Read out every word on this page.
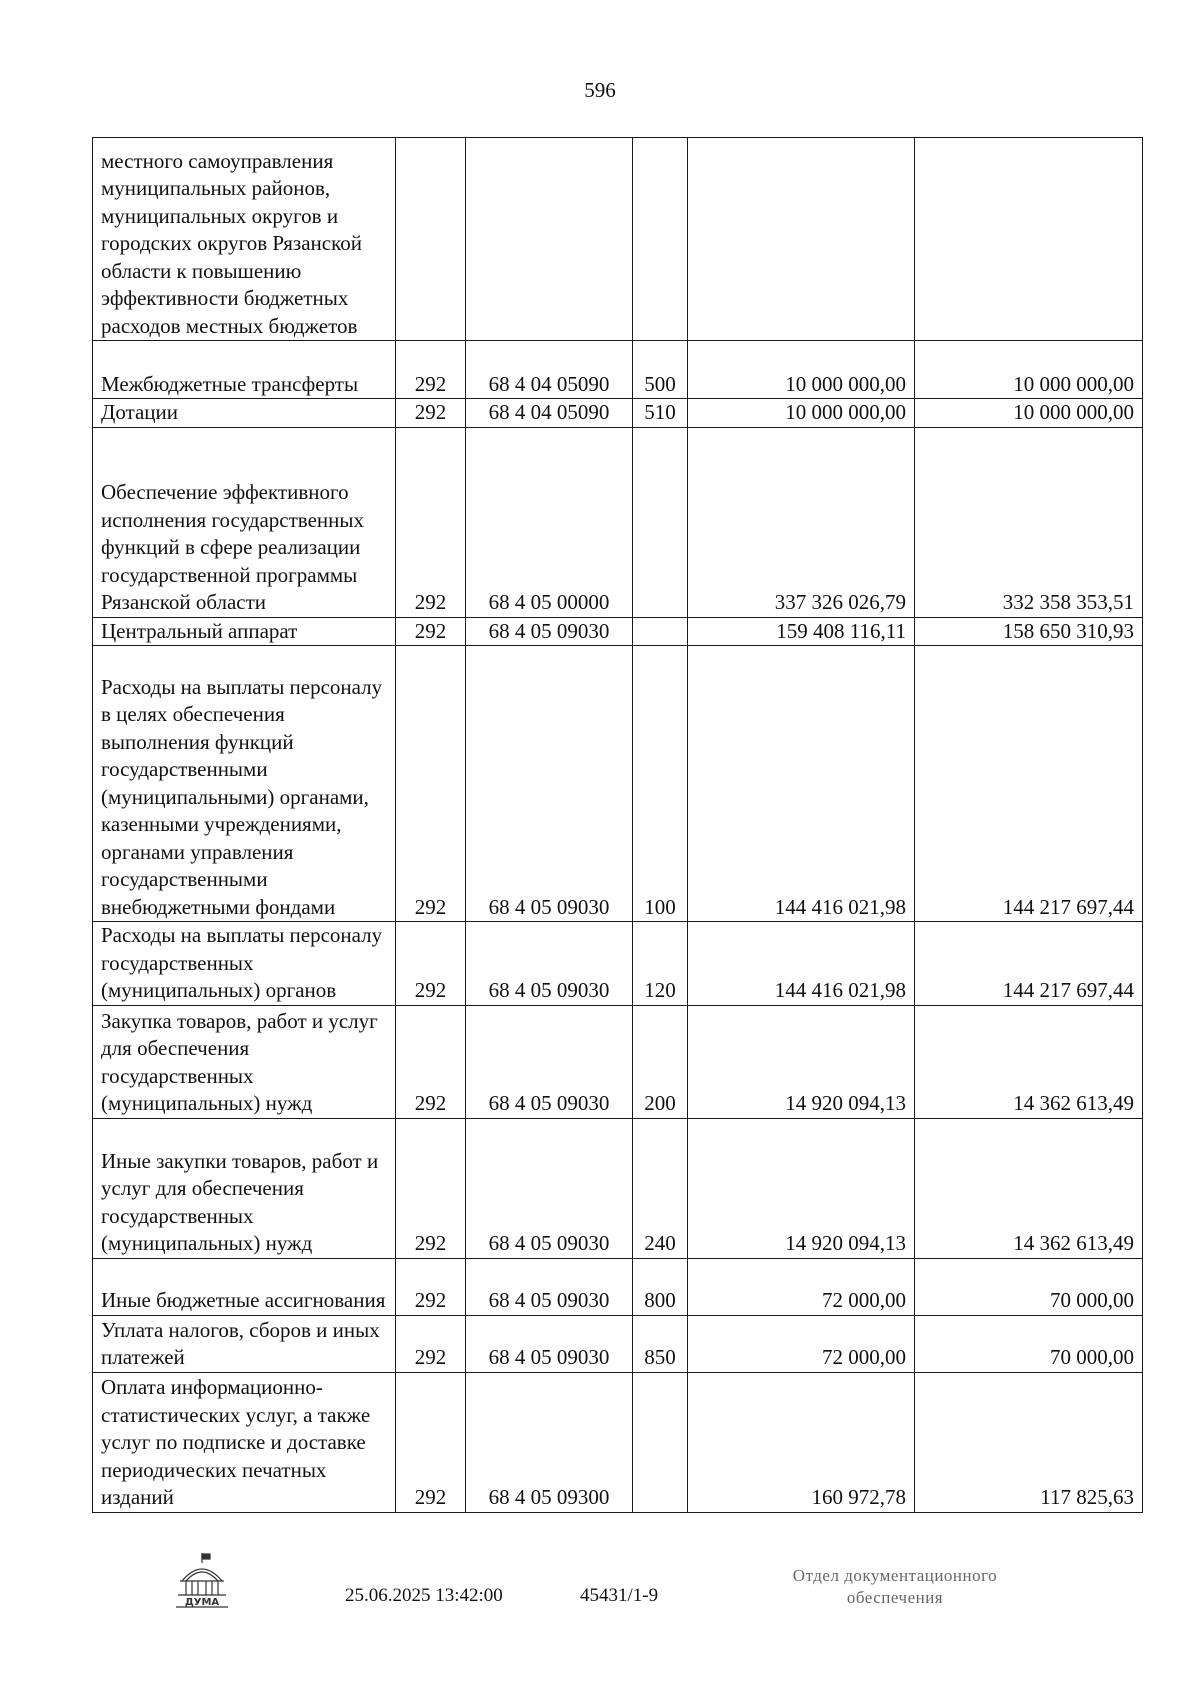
596
местного самоуправления муниципальных районов, муниципальных округов и городских округов Рязанской области к повышению эффективности бюджетных расходов местных бюджетов					
Межбюджетные трансферты	292	68 4 04 05090	500	10 000 000,00	10 000 000,00
Дотации	292	68 4 04 05090	510	10 000 000,00	10 000 000,00
Обеспечение эффективного исполнения государственных функций в сфере реализации государственной программы Рязанской области	292	68 4 05 00000		337 326 026,79	332 358 353,51
Центральный аппарат	292	68 4 05 09030		159 408 116,11	158 650 310,93
Расходы на выплаты персоналу в целях обеспечения выполнения функций государственными (муниципальными) органами, казенными учреждениями, органами управления государственными внебюджетными фондами	292	68 4 05 09030	100	144 416 021,98	144 217 697,44
Расходы на выплаты персоналу государственных (муниципальных) органов	292	68 4 05 09030	120	144 416 021,98	144 217 697,44
Закупка товаров, работ и услуг для обеспечения государственных (муниципальных) нужд	292	68 4 05 09030	200	14 920 094,13	14 362 613,49
Иные закупки товаров, работ и услуг для обеспечения государственных (муниципальных) нужд	292	68 4 05 09030	240	14 920 094,13	14 362 613,49
Иные бюджетные ассигнования	292	68 4 05 09030	800	72 000,00	70 000,00
Уплата налогов, сборов и иных платежей	292	68 4 05 09030	850	72 000,00	70 000,00
Оплата информационно-статистических услуг, а также услуг по подписке и доставке периодических печатных изданий	292	68 4 05 09300		160 972,78	117 825,63
ДУМА	25.06.2025 13:42:00	45431/1-9
Отдел документационного
обеспечения
